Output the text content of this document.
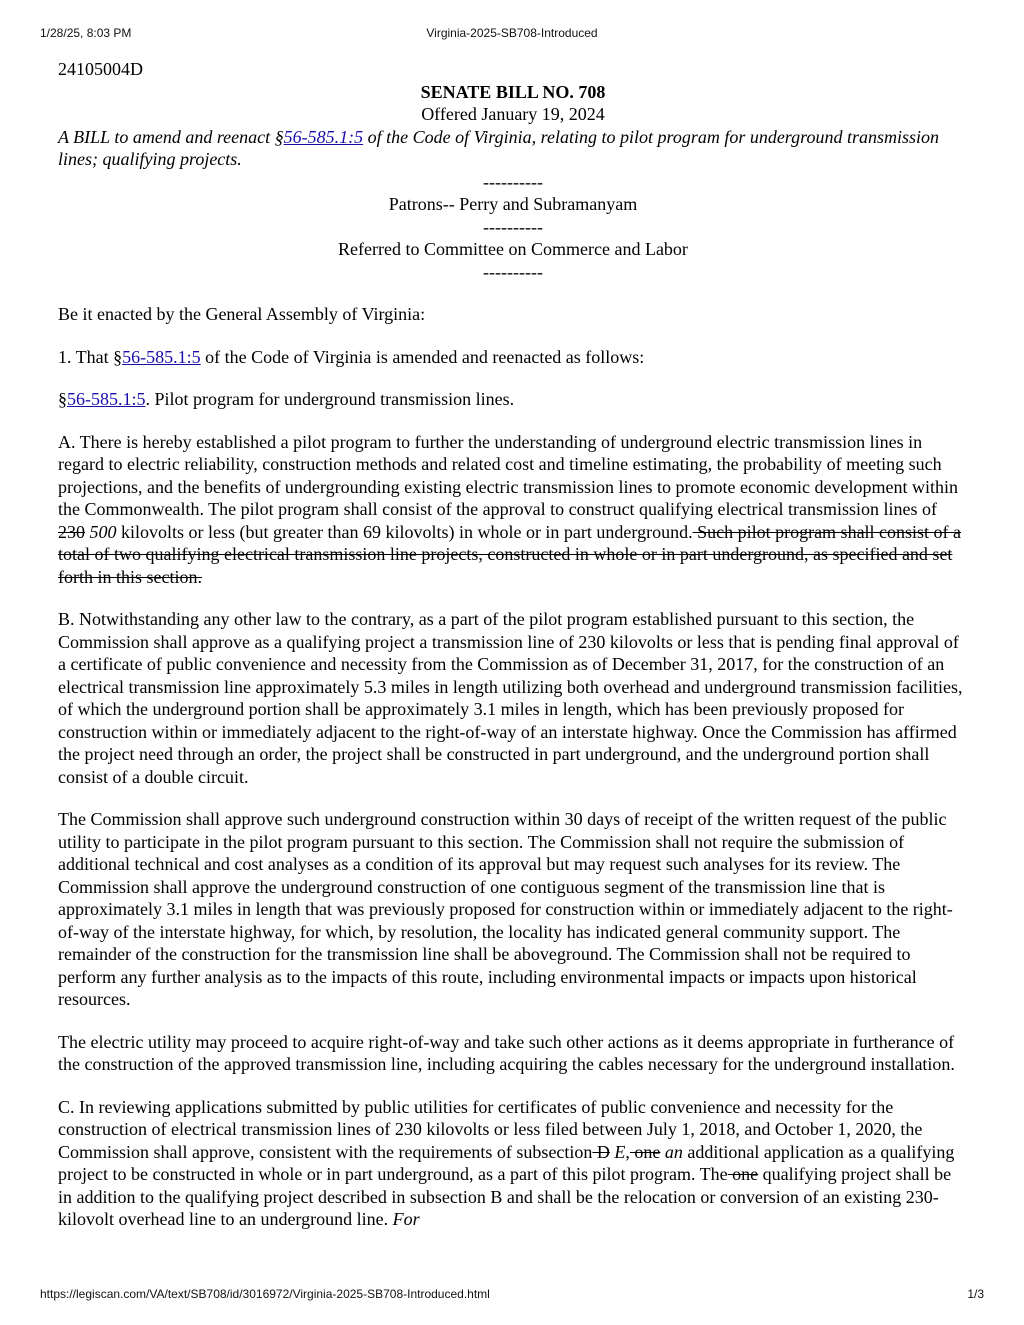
1/28/25, 8:03 PM	Virginia-2025-SB708-Introduced
24105004D
SENATE BILL NO. 708
Offered January 19, 2024
A BILL to amend and reenact §56-585.1:5 of the Code of Virginia, relating to pilot program for underground transmission lines; qualifying projects.
----------
Patrons-- Perry and Subramanyam
----------
Referred to Committee on Commerce and Labor
----------

Be it enacted by the General Assembly of Virginia:

1. That §56-585.1:5 of the Code of Virginia is amended and reenacted as follows:

§56-585.1:5. Pilot program for underground transmission lines.

A. There is hereby established a pilot program to further the understanding of underground electric transmission lines in regard to electric reliability, construction methods and related cost and timeline estimating, the probability of meeting such projections, and the benefits of undergrounding existing electric transmission lines to promote economic development within the Commonwealth. The pilot program shall consist of the approval to construct qualifying electrical transmission lines of 230 500 kilovolts or less (but greater than 69 kilovolts) in whole or in part underground. Such pilot program shall consist of a total of two qualifying electrical transmission line projects, constructed in whole or in part underground, as specified and set forth in this section.

B. Notwithstanding any other law to the contrary, as a part of the pilot program established pursuant to this section, the Commission shall approve as a qualifying project a transmission line of 230 kilovolts or less that is pending final approval of a certificate of public convenience and necessity from the Commission as of December 31, 2017, for the construction of an electrical transmission line approximately 5.3 miles in length utilizing both overhead and underground transmission facilities, of which the underground portion shall be approximately 3.1 miles in length, which has been previously proposed for construction within or immediately adjacent to the right-of-way of an interstate highway. Once the Commission has affirmed the project need through an order, the project shall be constructed in part underground, and the underground portion shall consist of a double circuit.

The Commission shall approve such underground construction within 30 days of receipt of the written request of the public utility to participate in the pilot program pursuant to this section. The Commission shall not require the submission of additional technical and cost analyses as a condition of its approval but may request such analyses for its review. The Commission shall approve the underground construction of one contiguous segment of the transmission line that is approximately 3.1 miles in length that was previously proposed for construction within or immediately adjacent to the right-of-way of the interstate highway, for which, by resolution, the locality has indicated general community support. The remainder of the construction for the transmission line shall be aboveground. The Commission shall not be required to perform any further analysis as to the impacts of this route, including environmental impacts or impacts upon historical resources.

The electric utility may proceed to acquire right-of-way and take such other actions as it deems appropriate in furtherance of the construction of the approved transmission line, including acquiring the cables necessary for the underground installation.

C. In reviewing applications submitted by public utilities for certificates of public convenience and necessity for the construction of electrical transmission lines of 230 kilovolts or less filed between July 1, 2018, and October 1, 2020, the Commission shall approve, consistent with the requirements of subsection D E, one an additional application as a qualifying project to be constructed in whole or in part underground, as a part of this pilot program. The one qualifying project shall be in addition to the qualifying project described in subsection B and shall be the relocation or conversion of an existing 230-kilovolt overhead line to an underground line. For

https://legiscan.com/VA/text/SB708/id/3016972/Virginia-2025-SB708-Introduced.html	1/3
